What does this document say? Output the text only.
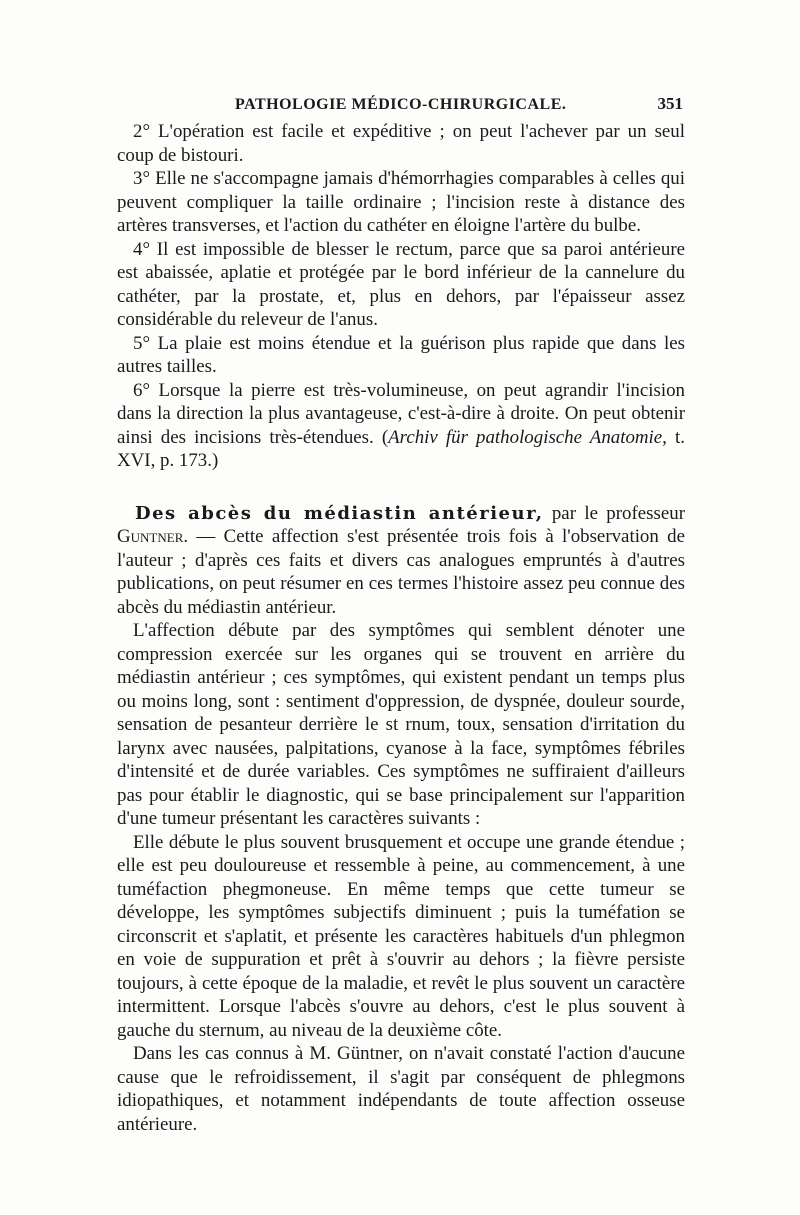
PATHOLOGIE MÉDICO-CHIRURGICALE.	351

2° L'opération est facile et expéditive ; on peut l'achever par un seul coup de bistouri.

3° Elle ne s'accompagne jamais d'hémorrhagies comparables à celles qui peuvent compliquer la taille ordinaire ; l'incision reste à distance des artères transverses, et l'action du cathéter en éloigne l'artère du bulbe.

4° Il est impossible de blesser le rectum, parce que sa paroi antérieure est abaissée, aplatie et protégée par le bord inférieur de la cannelure du cathéter, par la prostate, et, plus en dehors, par l'épaisseur assez considérable du releveur de l'anus.

5° La plaie est moins étendue et la guérison plus rapide que dans les autres tailles.

6° Lorsque la pierre est très-volumineuse, on peut agrandir l'incision dans la direction la plus avantageuse, c'est-à-dire à droite. On peut obtenir ainsi des incisions très-étendues. (Archiv für pathologische Anatomie, t. XVI, p. 173.)

Des abcès du médiastin antérieur, par le professeur Guntner. — Cette affection s'est présentée trois fois à l'observation de l'auteur ; d'après ces faits et divers cas analogues empruntés à d'autres publications, on peut résumer en ces termes l'histoire assez peu connue des abcès du médiastin antérieur.

L'affection débute par des symptômes qui semblent dénoter une compression exercée sur les organes qui se trouvent en arrière du médiastin antérieur ; ces symptômes, qui existent pendant un temps plus ou moins long, sont : sentiment d'oppression, de dyspnée, douleur sourde, sensation de pesanteur derrière le st rnum, toux, sensation d'irritation du larynx avec nausées, palpitations, cyanose à la face, symptômes fébriles d'intensité et de durée variables. Ces symptômes ne suffiraient d'ailleurs pas pour établir le diagnostic, qui se base principalement sur l'apparition d'une tumeur présentant les caractères suivants :

Elle débute le plus souvent brusquement et occupe une grande étendue ; elle est peu douloureuse et ressemble à peine, au commencement, à une tuméfaction phegmoneuse. En même temps que cette tumeur se développe, les symptômes subjectifs diminuent ; puis la tuméfation se circonscrit et s'aplatit, et présente les caractères habituels d'un phlegmon en voie de suppuration et prêt à s'ouvrir au dehors ; la fièvre persiste toujours, à cette époque de la maladie, et revêt le plus souvent un caractère intermittent. Lorsque l'abcès s'ouvre au dehors, c'est le plus souvent à gauche du sternum, au niveau de la deuxième côte.

Dans les cas connus à M. Güntner, on n'avait constaté l'action d'aucune cause que le refroidissement, il s'agit par conséquent de phlegmons idiopathiques, et notamment indépendants de toute affection osseuse antérieure.
